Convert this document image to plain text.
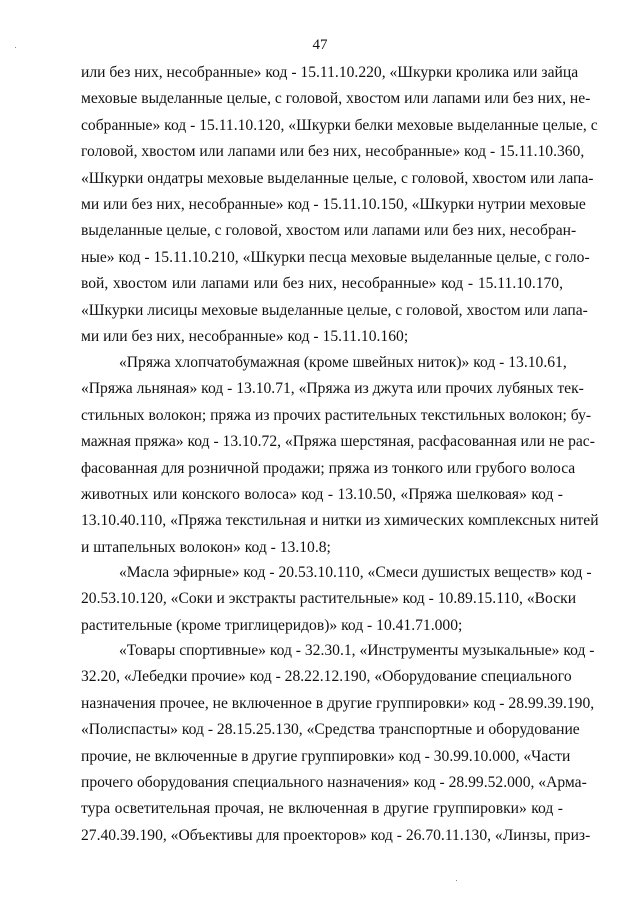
47
или без них, несобранные» код - 15.11.10.220, «Шкурки кролика или зайца
меховые выделанные целые, с головой, хвостом или лапами или без них, не-
собранные» код - 15.11.10.120, «Шкурки белки меховые выделанные целые, с
головой, хвостом или лапами или без них, несобранные» код - 15.11.10.360,
«Шкурки ондатры меховые выделанные целые, с головой, хвостом или лапа-
ми или без них, несобранные» код - 15.11.10.150, «Шкурки нутрии меховые
выделанные целые, с головой, хвостом или лапами или без них, несобран-
ные» код - 15.11.10.210, «Шкурки песца меховые выделанные целые, с голо-
вой, хвостом или лапами или без них, несобранные» код - 15.11.10.170,
«Шкурки лисицы меховые выделанные целые, с головой, хвостом или лапа-
ми или без них, несобранные» код - 15.11.10.160;
«Пряжа хлопчатобумажная (кроме швейных ниток)» код - 13.10.61,
«Пряжа льняная» код - 13.10.71, «Пряжа из джута или прочих лубяных тек-
стильных волокон; пряжа из прочих растительных текстильных волокон; бу-
мажная пряжа» код - 13.10.72, «Пряжа шерстяная, расфасованная или не рас-
фасованная для розничной продажи; пряжа из тонкого или грубого волоса
животных или конского волоса» код - 13.10.50, «Пряжа шелковая» код -
13.10.40.110, «Пряжа текстильная и нитки из химических комплексных нитей
и штапельных волокон» код - 13.10.8;
«Масла эфирные» код - 20.53.10.110, «Смеси душистых веществ» код -
20.53.10.120, «Соки и экстракты растительные» код - 10.89.15.110, «Воски
растительные (кроме триглицеридов)» код - 10.41.71.000;
«Товары спортивные» код - 32.30.1, «Инструменты музыкальные» код -
32.20, «Лебедки прочие» код - 28.22.12.190, «Оборудование специального
назначения прочее, не включенное в другие группировки» код - 28.99.39.190,
«Полиспасты» код - 28.15.25.130, «Средства транспортные и оборудование
прочие, не включенные в другие группировки» код - 30.99.10.000, «Части
прочего оборудования специального назначения» код - 28.99.52.000, «Арма-
тура осветительная прочая, не включенная в другие группировки» код -
27.40.39.190, «Объективы для проекторов» код - 26.70.11.130, «Линзы, приз-
